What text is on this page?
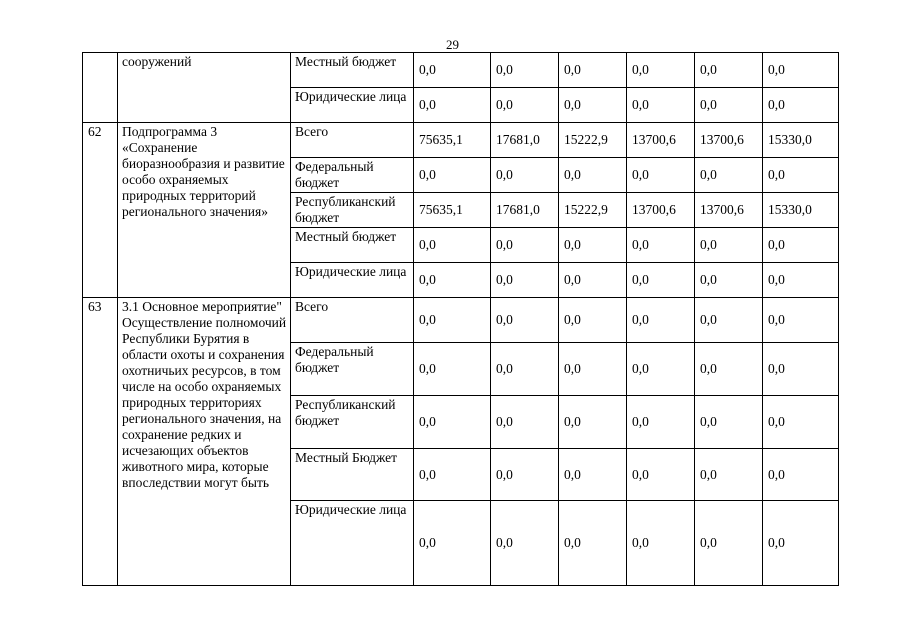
29
	сооружений	Местный бюджет	0,0	0,0	0,0	0,0	0,0	0,0
		Юридические лица	0,0	0,0	0,0	0,0	0,0	0,0
62	Подпрограмма 3 «Сохранение биоразнообразия и развитие особо охраняемых природных территорий регионального значения»	Всего	75635,1	17681,0	15222,9	13700,6	13700,6	15330,0
		Федеральный бюджет	0,0	0,0	0,0	0,0	0,0	0,0
		Республиканский бюджет	75635,1	17681,0	15222,9	13700,6	13700,6	15330,0
		Местный бюджет	0,0	0,0	0,0	0,0	0,0	0,0
		Юридические лица	0,0	0,0	0,0	0,0	0,0	0,0
63	3.1 Основное мероприятие" Осуществление полномочий Республики Бурятия в области охоты и сохранения охотничьих ресурсов, в том числе на особо охраняемых природных территориях регионального значения, на сохранение редких и исчезающих объектов животного мира, которые впоследствии могут быть	Всего	0,0	0,0	0,0	0,0	0,0	0,0
		Федеральный бюджет	0,0	0,0	0,0	0,0	0,0	0,0
		Республиканский бюджет	0,0	0,0	0,0	0,0	0,0	0,0
		Местный Бюджет	0,0	0,0	0,0	0,0	0,0	0,0
		Юридические лица	0,0	0,0	0,0	0,0	0,0	0,0
